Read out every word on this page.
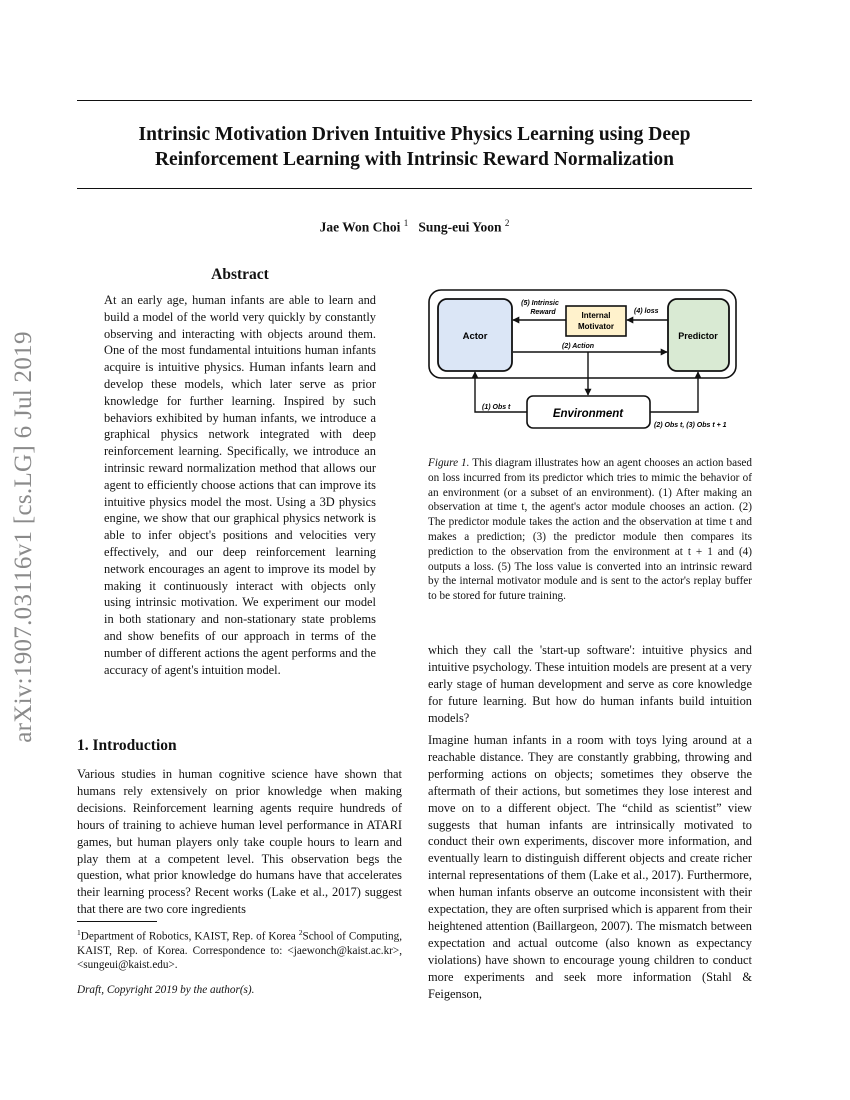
Intrinsic Motivation Driven Intuitive Physics Learning using Deep
Reinforcement Learning with Intrinsic Reward Normalization
Jae Won Choi $^1$ Sung-eui Yoon $^2$
arXiv:1907.03116v1 [cs.LG] 6 Jul 2019
Abstract
At an early age, human infants are able to learn and build a model of the world very quickly by constantly observing and interacting with objects around them. One of the most fundamental intuitions human infants acquire is intuitive physics. Human infants learn and develop these models, which later serve as prior knowledge for further learning. Inspired by such behaviors exhibited by human infants, we introduce a graphical physics network integrated with deep reinforcement learning. Specifically, we introduce an intrinsic reward normalization method that allows our agent to efficiently choose actions that can improve its intuitive physics model the most. Using a 3D physics engine, we show that our graphical physics network is able to infer object's positions and velocities very effectively, and our deep reinforcement learning network encourages an agent to improve its model by making it continuously interact with objects only using intrinsic motivation. We experiment our model in both stationary and non-stationary state problems and show benefits of our approach in terms of the number of different actions the agent performs and the accuracy of agent's intuition model.
1. Introduction
Various studies in human cognitive science have shown that humans rely extensively on prior knowledge when making decisions. Reinforcement learning agents require hundreds of hours of training to achieve human level performance in ATARI games, but human players only take couple hours to learn and play them at a competent level. This observation begs the question, what prior knowledge do humans have that accelerates their learning process? Recent works (Lake et al., 2017) suggest that there are two core ingredients
$^1$Department of Robotics, KAIST, Rep. of Korea $^2$School of Computing, KAIST, Rep. of Korea. Correspondence to: <jaewonch@kaist.ac.kr>, <sungeui@kaist.edu>.
Draft, Copyright 2019 by the author(s).
Actor	Predictor
Internal
Motivator
Environment
(4) loss
(5) Intrinsic
Reward
(2) Action
(1) Obs t
(2) Obs t, (3) Obs t + 1
Figure 1. This diagram illustrates how an agent chooses an action based on loss incurred from its predictor which tries to mimic the behavior of an environment (or a subset of an environment). (1) After making an observation at time t, the agent's actor module chooses an action. (2) The predictor module takes the action and the observation at time t and makes a prediction; (3) the predictor module then compares its prediction to the observation from the environment at t + 1 and (4) outputs a loss. (5) The loss value is converted into an intrinsic reward by the internal motivator module and is sent to the actor's replay buffer to be stored for future training.
which they call the 'start-up software': intuitive physics and intuitive psychology. These intuition models are present at a very early stage of human development and serve as core knowledge for future learning. But how do human infants build intuition models?
Imagine human infants in a room with toys lying around at a reachable distance. They are constantly grabbing, throwing and performing actions on objects; sometimes they observe the aftermath of their actions, but sometimes they lose interest and move on to a different object. The “child as scientist” view suggests that human infants are intrinsically motivated to conduct their own experiments, discover more information, and eventually learn to distinguish different objects and create richer internal representations of them (Lake et al., 2017). Furthermore, when human infants observe an outcome inconsistent with their expectation, they are often surprised which is apparent from their heightened attention (Baillargeon, 2007). The mismatch between expectation and actual outcome (also known as expectancy violations) have shown to encourage young children to conduct more experiments and seek more information (Stahl & Feigenson,
